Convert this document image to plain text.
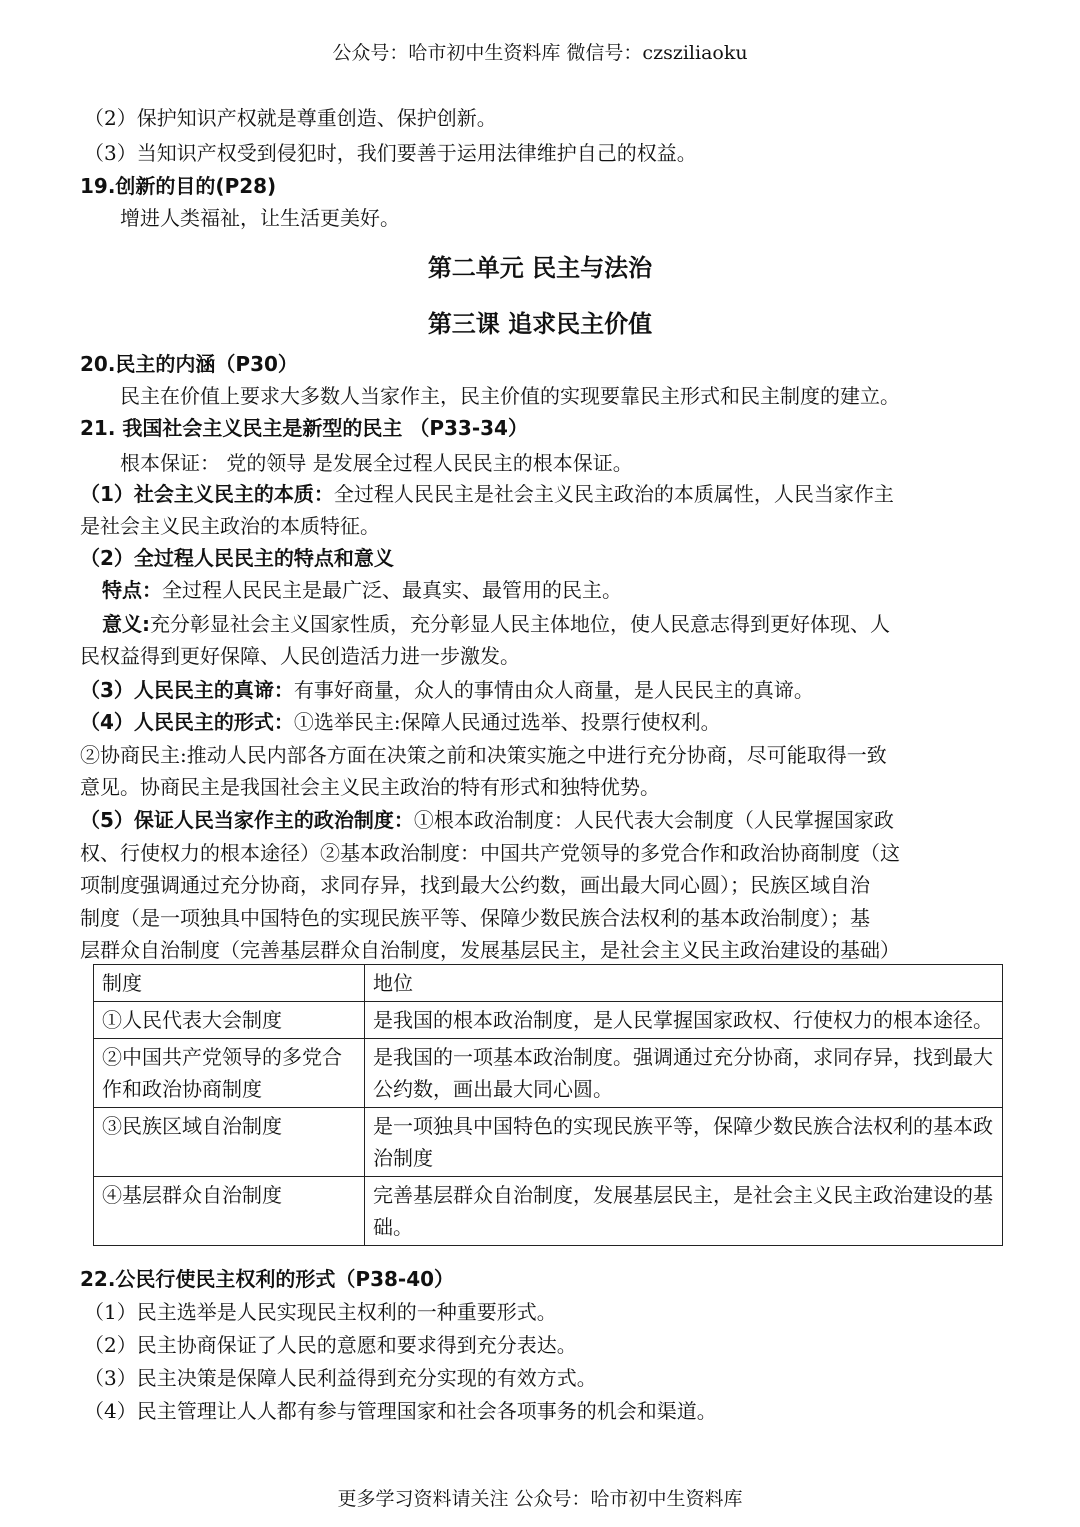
公众号：哈市初中生资料库 微信号：czsziliaoku
（2）保护知识产权就是尊重创造、保护创新。
（3）当知识产权受到侵犯时，我们要善于运用法律维护自己的权益。
19.创新的目的(P28)
增进人类福祉，让生活更美好。
第二单元 民主与法治
第三课 追求民主价值
20.民主的内涵（P30）
民主在价值上要求大多数人当家作主，民主价值的实现要靠民主形式和民主制度的建立。
21. 我国社会主义民主是新型的民主 （P33-34）
根本保证： 党的领导 是发展全过程人民民主的根本保证。
（1）社会主义民主的本质：全过程人民民主是社会主义民主政治的本质属性，人民当家作主
是社会主义民主政治的本质特征。
（2）全过程人民民主的特点和意义
特点：全过程人民民主是最广泛、最真实、最管用的民主。
意义:充分彰显社会主义国家性质，充分彰显人民主体地位，使人民意志得到更好体现、人
民权益得到更好保障、人民创造活力进一步激发。
（3）人民民主的真谛：有事好商量，众人的事情由众人商量，是人民民主的真谛。
（4）人民民主的形式：①选举民主:保障人民通过选举、投票行使权利。
②协商民主:推动人民内部各方面在决策之前和决策实施之中进行充分协商，尽可能取得一致
意见。协商民主是我国社会主义民主政治的特有形式和独特优势。
（5）保证人民当家作主的政治制度：①根本政治制度：人民代表大会制度（人民掌握国家政
权、行使权力的根本途径）②基本政治制度：中国共产党领导的多党合作和政治协商制度（这
项制度强调通过充分协商，求同存异，找到最大公约数，画出最大同心圆）；民族区域自治
制度（是一项独具中国特色的实现民族平等、保障少数民族合法权利的基本政治制度）；基
层群众自治制度（完善基层群众自治制度，发展基层民主，是社会主义民主政治建设的基础）
制度	地位
①人民代表大会制度	是我国的根本政治制度，是人民掌握国家政权、行使权力的根本途径。
②中国共产党领导的多党合作和政治协商制度	是我国的一项基本政治制度。强调通过充分协商，求同存异，找到最大公约数，画出最大同心圆。
③民族区域自治制度	是一项独具中国特色的实现民族平等，保障少数民族合法权利的基本政治制度
④基层群众自治制度	完善基层群众自治制度，发展基层民主，是社会主义民主政治建设的基础。
22.公民行使民主权利的形式（P38-40）
（1）民主选举是人民实现民主权利的一种重要形式。
（2）民主协商保证了人民的意愿和要求得到充分表达。
（3）民主决策是保障人民利益得到充分实现的有效方式。
（4）民主管理让人人都有参与管理国家和社会各项事务的机会和渠道。
更多学习资料请关注 公众号：哈市初中生资料库
